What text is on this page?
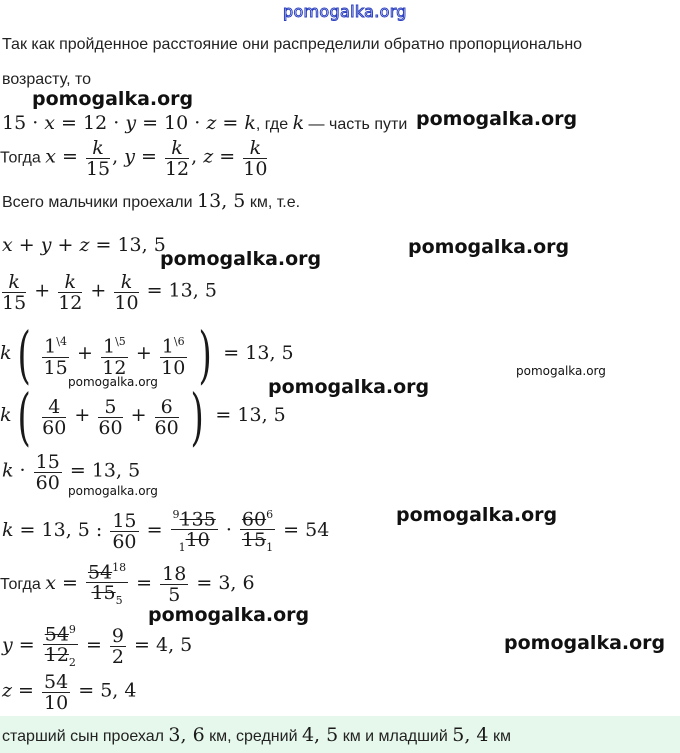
pomogalka.org
Так как пройденное расстояние они распределили обратно пропорционально
возрасту, то
15 · x = 12 · y = 10 · z = k, где k — часть пути
Тогда $x = \frac{k}{15}$ , $y = \frac{k}{12}$ , $z = \frac{k}{10}$
Всего мальчики проехали 13, 5 км, т.е.
x + y + z = 13, 5
$\frac{k}{15} + \frac{k}{12} + \frac{k}{10} = 13$, 5
$k( \frac{1^{\backslash 4}}{15} + \frac{1^{\backslash 5}}{12} + \frac{1^{\backslash 6}}{10}$ ) = 13, 5
$k( \frac{4}{60} + \frac{5}{60} + \frac{6}{60}$ ) = 13, 5
$k \cdot \frac{15}{60} = 13$, 5
k = 13, 5 : $\frac{15}{60} = \frac{^9135}{_110} \cdot \frac{60^6}{15_1} = 54$
Тогда $x = \frac{54^{18}}{15_5} = \frac{18}{5} = 3$, 6
$y = \frac{54^9}{12_2} = \frac{9}{2} = 4$, 5
$z = \frac{54}{10} = 5$, 4
старший сын проехал 3, 6 км, средний 4, 5 км и младший 5, 4 км
pomogalka.org
pomogalka.org
pomogalka.org
pomogalka.org
pomogalka.org	pomogalka.org
pomogalka.org
pomogalka.org
pomogalka.org
pomogalka.org
pomogalka.org
